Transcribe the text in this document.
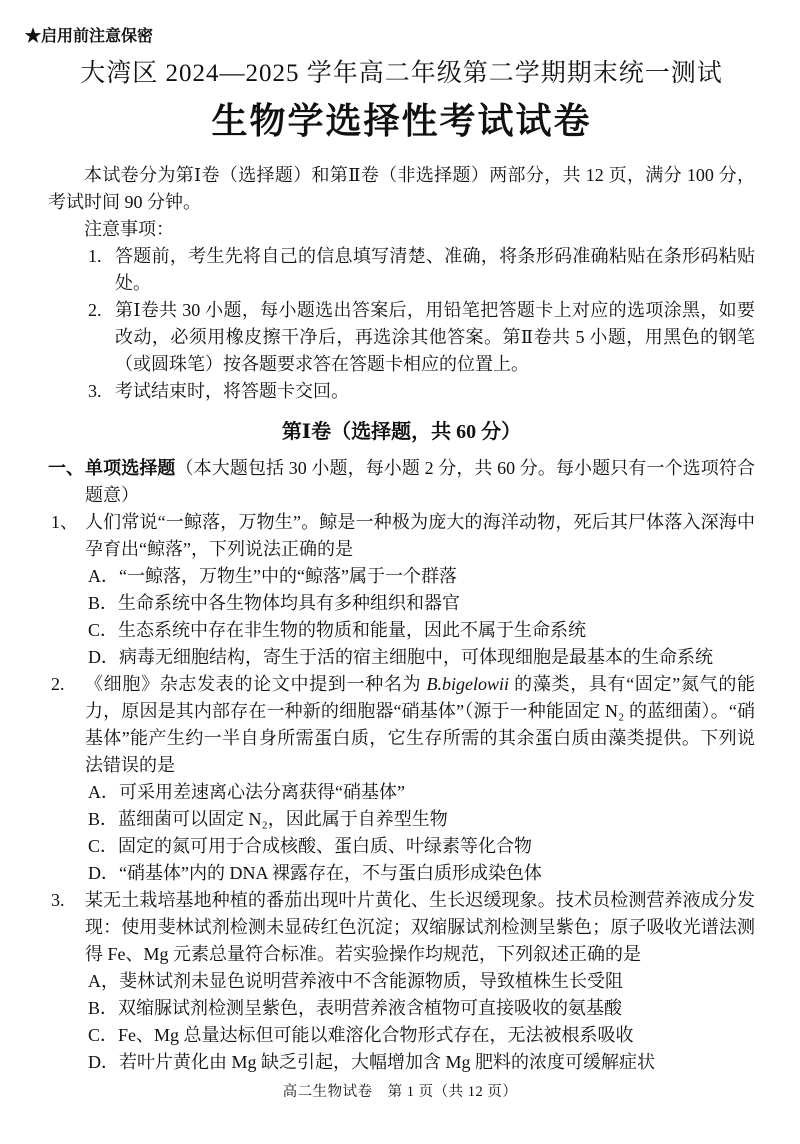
★启用前注意保密
大湾区 2024—2025 学年高二年级第二学期期末统一测试
生物学选择性考试试卷

本试卷分为第Ⅰ卷（选择题）和第Ⅱ卷（非选择题）两部分，共 12 页，满分 100 分，考试时间 90 分钟。

注意事项：
1. 答题前，考生先将自己的信息填写清楚、准确，将条形码准确粘贴在条形码粘贴处。
2. 第Ⅰ卷共 30 小题，每小题选出答案后，用铅笔把答题卡上对应的选项涂黑，如要改动，必须用橡皮擦干净后，再选涂其他答案。第Ⅱ卷共 5 小题，用黑色的钢笔（或圆珠笔）按各题要求答在答题卡相应的位置上。
3. 考试结束时，将答题卡交回。
第Ⅰ卷（选择题，共 60 分）
一、 单项选择题（本大题包括 30 小题，每小题 2 分，共 60 分。每小题只有一个选项符合题意）
1、 人们常说“一鲸落，万物生”。鲸是一种极为庞大的海洋动物，死后其尸体落入深海中孕育出“鲸落”，下列说法正确的是
A．“一鲸落，万物生”中的“鲸落”属于一个群落
B．生命系统中各生物体均具有多种组织和器官
C．生态系统中存在非生物的物质和能量，因此不属于生命系统
D．病毒无细胞结构，寄生于活的宿主细胞中，可体现细胞是最基本的生命系统
2. 《细胞》杂志发表的论文中提到一种名为 B.bigelowii 的藻类，具有“固定”氮气的能力，原因是其内部存在一种新的细胞器“硝基体”（源于一种能固定 N₂ 的蓝细菌）。“硝基体”能产生约一半自身所需蛋白质，它生存所需的其余蛋白质由藻类提供。下列说法错误的是
A．可采用差速离心法分离获得“硝基体”
B．蓝细菌可以固定 N₂，因此属于自养型生物
C．固定的氮可用于合成核酸、蛋白质、叶绿素等化合物
D．“硝基体”内的 DNA 裸露存在，不与蛋白质形成染色体
3. 某无土栽培基地种植的番茄出现叶片黄化、生长迟缓现象。技术员检测营养液成分发现：使用斐林试剂检测未显砖红色沉淀；双缩脲试剂检测呈紫色；原子吸收光谱法测得 Fe、Mg 元素总量符合标准。若实验操作均规范，下列叙述正确的是
A，斐林试剂未显色说明营养液中不含能源物质，导致植株生长受阻
B．双缩脲试剂检测呈紫色，表明营养液含植物可直接吸收的氨基酸
C．Fe、Mg 总量达标但可能以难溶化合物形式存在，无法被根系吸收
D．若叶片黄化由 Mg 缺乏引起，大幅增加含 Mg 肥料的浓度可缓解症状
高二生物试卷　第 1 页（共 12 页）
